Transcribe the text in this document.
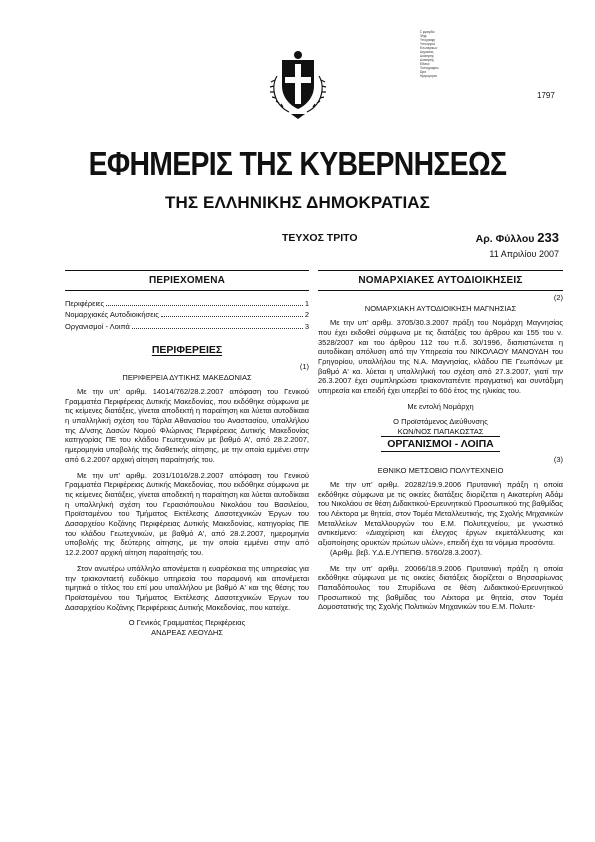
Σ φραγιδα
Ψηφ
Υπογραφη
Υπουργειο
Εσωτερικων
Δημοσιας
Διοικησης
Διοικησης
Εθνικο
Τυπογραφειο
Ωρα
Ημερομηνια
1797
ΕΦΗΜΕΡΙΣ ΤΗΣ ΚΥΒΕΡΝΗΣΕΩΣ
ΤΗΣ ΕΛΛΗΝΙΚΗΣ ΔΗΜΟΚΡΑΤΙΑΣ
ΤΕΥΧΟΣ ΤΡΙΤΟ	Αρ. Φύλλου 233
11 Απριλίου 2007
ΠΕΡΙΕΧΟΜΕΝΑ
Περιφέρειες	1
Νομαρχιακές Αυτοδιοικήσεις	2
Οργανισμοί - Λοιπά	3
ΠΕΡΙΦΕΡΕΙΕΣ
(1)
ΠΕΡΙΦΕΡΕΙΑ ΔΥΤΙΚΗΣ ΜΑΚΕΔΟΝΙΑΣ

Με την υπ' αριθμ. 14014/762/28.2.2007 απόφαση του Γενικού Γραμματέα Περιφέρειας Δυτικής Μακεδονίας, που εκδόθηκε σύμφωνα με τις κείμενες διατάξεις, γίνεται αποδεκτή η παραίτηση και λύεται αυτοδίκαια η υπαλληλική σχέση του Τάρλα Αθανασίου του Αναστασίου, υπαλλήλου της Δ/νσης Δασών Νομού Φλώρινας Περιφέρειας Δυτικής Μακεδονίας κατηγορίας ΠΕ του κλάδου Γεωτεχνικών με βαθμό Α', από 28.2.2007, ημερομηνία υποβολής της διαθετικής αίτησης, με την οποία εμμένει στην από 6.2.2007 αρχική αίτηση παραίτησής του.

Με την υπ' αριθμ. 2031/1016/28.2.2007 απόφαση του Γενικού Γραμματέα Περιφέρειας Δυτικής Μακεδονίας, που εκδόθηκε σύμφωνα με τις κείμενες διατάξεις, γίνεται αποδεκτή η παραίτηση και λύεται αυτοδίκαια η υπαλληλική σχέση του Γερασιόπουλου Νικολάου του Βασιλείου, Προϊσταμένου του Τμήματος Εκτέλεσης Δασοτεχνικών Έργων του Δασαρχείου Κοζάνης Περιφέρειας Δυτικής Μακεδονίας, κατηγορίας ΠΕ του κλάδου Γεωτεχνικών, με βαθμό Α', από 28.2.2007, ημερομηνία υποβολής της δεύτερης αίτησης, με την οποία εμμένει στην από 12.2.2007 αρχική αίτηση παραίτησής του.

Στον ανωτέρω υπάλληλο απονέμεται η ευαρέσκεια της υπηρεσίας για την τριακονταετή ευδόκιμο υπηρεσία του παραμονή και απονέμεται τιμητικά ο τίτλος του επί μου υπαλλήλου με βαθμό Α' και της θέσης του Προϊσταμένου του Τμήματος Εκτέλεσης Δασοτεχνικών Έργων του Δασαρχείου Κοζάνης Περιφέρειας Δυτικής Μακεδονίας, που κατείχε.

Ο Γενικός Γραμματέας Περιφέρειας
ΑΝΔΡΕΑΣ ΛΕΟΥΔΗΣ
ΝΟΜΑΡΧΙΑΚΕΣ ΑΥΤΟΔΙΟΙΚΗΣΕΙΣ
(2)
ΝΟΜΑΡΧΙΑΚΗ ΑΥΤΟΔΙΟΙΚΗΣΗ ΜΑΓΝΗΣΙΑΣ

Με την υπ' αριθμ. 3705/30.3.2007 πράξη του Νομάρχη Μαγνησίας που έχει εκδοθεί σύμφωνα με τις διατάξεις του άρθρου και 155 του ν. 3528/2007 και του άρθρου 112 του π.δ. 30/1996, διαπιστώνεται η αυτοδίκαιη απόλυση από την Υπηρεσία του ΝΙΚΟΛΑΟΥ ΜΑΝΟΥΔΗ του Γρηγορίου, υπαλλήλου της Ν.Α. Μαγνησίας, κλάδου ΠΕ Γεωπόνων με βαθμό Α' κα. λύεται η υπαλληλική του σχέση από 27.3.2007, γιατί την 26.3.2007 έχει συμπληρώσει τριακονταπέντε πραγματική και συντάξιμη υπηρεσία και επειδή έχει υπερβεί το 60ό έτος της ηλικίας του.

Με εντολή Νομάρχη
Ο Προϊστάμενος Διεύθυνσης
ΚΩΝ/ΝΟΣ ΠΑΠΑΚΩΣΤΑΣ
ΟΡΓΑΝΙΣΜΟΙ - ΛΟΙΠΑ
(3)
ΕΘΝΙΚΟ ΜΕΤΣΟΒΙΟ ΠΟΛΥΤΕΧΝΕΙΟ

Με την υπ' αριθμ. 20282/19.9.2006 Πρυτανική πράξη η οποία εκδόθηκε σύμφωνα με τις οικείες διατάξεις διορίζεται η Αικατερίνη Αδάμ του Νικολάου σε θέση Διδακτικού-Ερευνητικού Προσωπικού της βαθμίδας του Λέκτορα με θητεία, στον Τομέα Μεταλλευτικής, της Σχολής Μηχανικών Μεταλλείων Μεταλλουργών του Ε.Μ. Πολυτεχνείου, με γνωστικό αντικείμενο: «Διαχείριση και έλεγχος έργων εκμετάλλευσης και αξιοποίησης ορυκτών πρώτων υλών», επειδή έχει τα νόμιμα προσόντα.

(Αριθμ. βεβ. Υ.Δ.Ε./ΥΠΕΠΘ. 5760/28.3.2007).

Με την υπ' αριθμ. 20066/18.9.2006 Πρυτανική πράξη η οποία εκδόθηκε σύμφωνα με τις οικείες διατάξεις διορίζεται ο Βησσαρίωνας Παπαδόπουλος του Σπυρίδωνα σε θέση Διδακτικού-Ερευνητικού Προσωπικού της βαθμίδας του Λέκτορα με θητεία, στον Τομέα Δομοστατικής της Σχολής Πολιτικών Μηχανικών του Ε.Μ. Πολυτε-
